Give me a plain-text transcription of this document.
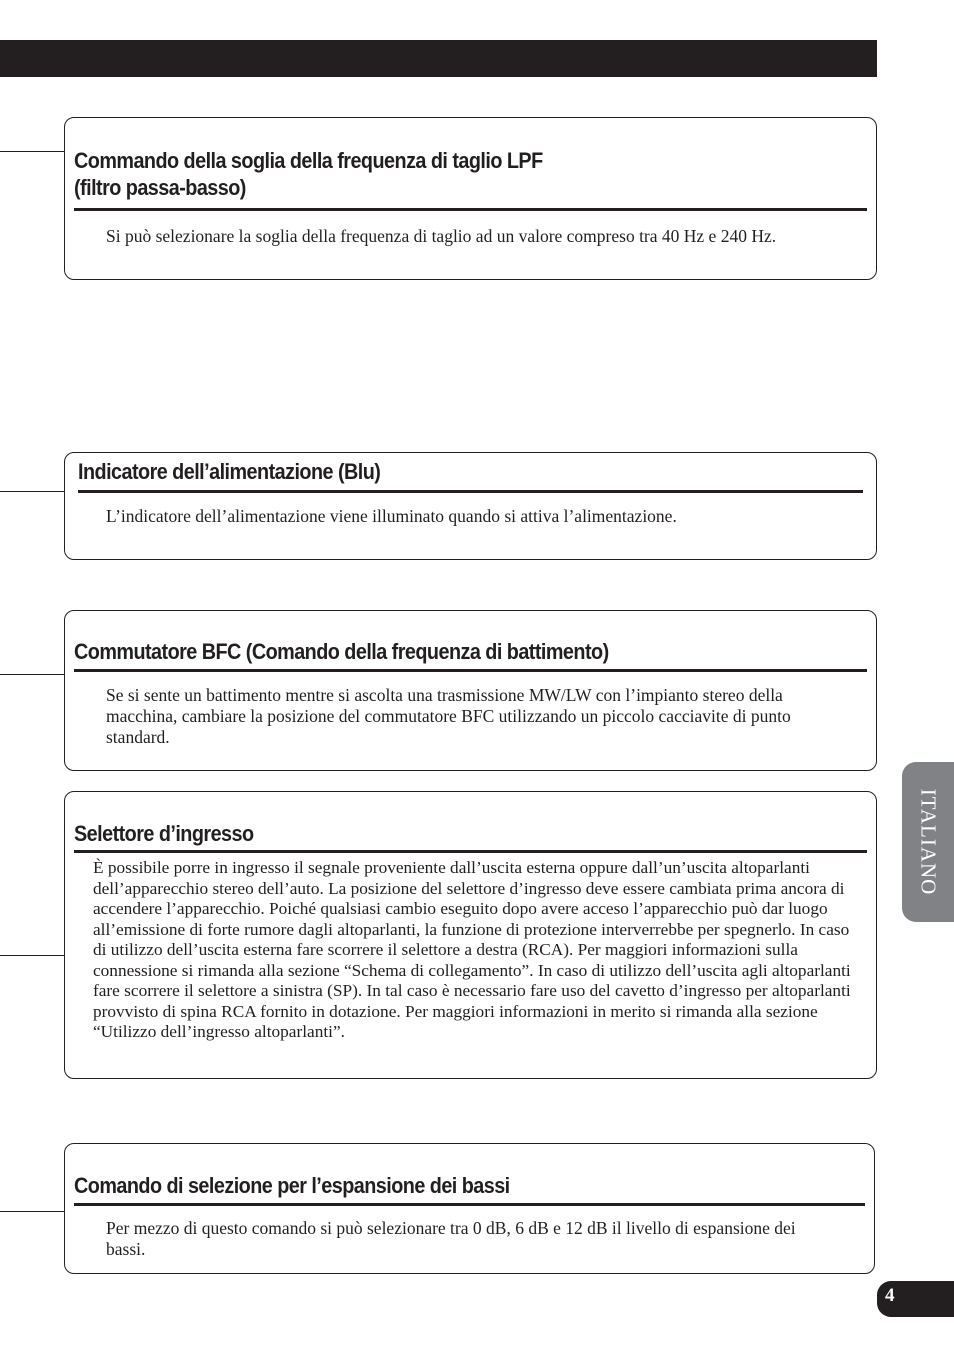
Commando della soglia della frequenza di taglio LPF
(filtro passa-basso)
Si può selezionare la soglia della frequenza di taglio ad un valore compreso tra 40 Hz e 240 Hz.
Indicatore dell’alimentazione (Blu)
L’indicatore dell’alimentazione viene illuminato quando si attiva l’alimentazione.
Commutatore BFC (Comando della frequenza di battimento)
Se si sente un battimento mentre si ascolta una trasmissione MW/LW con l’impianto stereo della macchina, cambiare la posizione del commutatore BFC utilizzando un piccolo cacciavite di punto standard.
Selettore d’ingresso
È possibile porre in ingresso il segnale proveniente dall’uscita esterna oppure dall’un’uscita altoparlanti dell’apparecchio stereo dell’auto. La posizione del selettore d’ingresso deve essere cambiata prima ancora di accendere l’apparecchio. Poiché qualsiasi cambio eseguito dopo avere acceso l’apparecchio può dar luogo all’emissione di forte rumore dagli altoparlanti, la funzione di protezione interverrebbe per spegnerlo. In caso di utilizzo dell’uscita esterna fare scorrere il selettore a destra (RCA). Per maggiori informazioni sulla connessione si rimanda alla sezione “Schema di collegamento”. In caso di utilizzo dell’uscita agli altoparlanti fare scorrere il selettore a sinistra (SP). In tal caso è necessario fare uso del cavetto d’ingresso per altoparlanti provvisto di spina RCA fornito in dotazione. Per maggiori informazioni in merito si rimanda alla sezione “Utilizzo dell’ingresso altoparlanti”.
Comando di selezione per l’espansione dei bassi
Per mezzo di questo comando si può selezionare tra 0 dB, 6 dB e 12 dB il livello di espansione dei bassi.
ITALIANO
4
